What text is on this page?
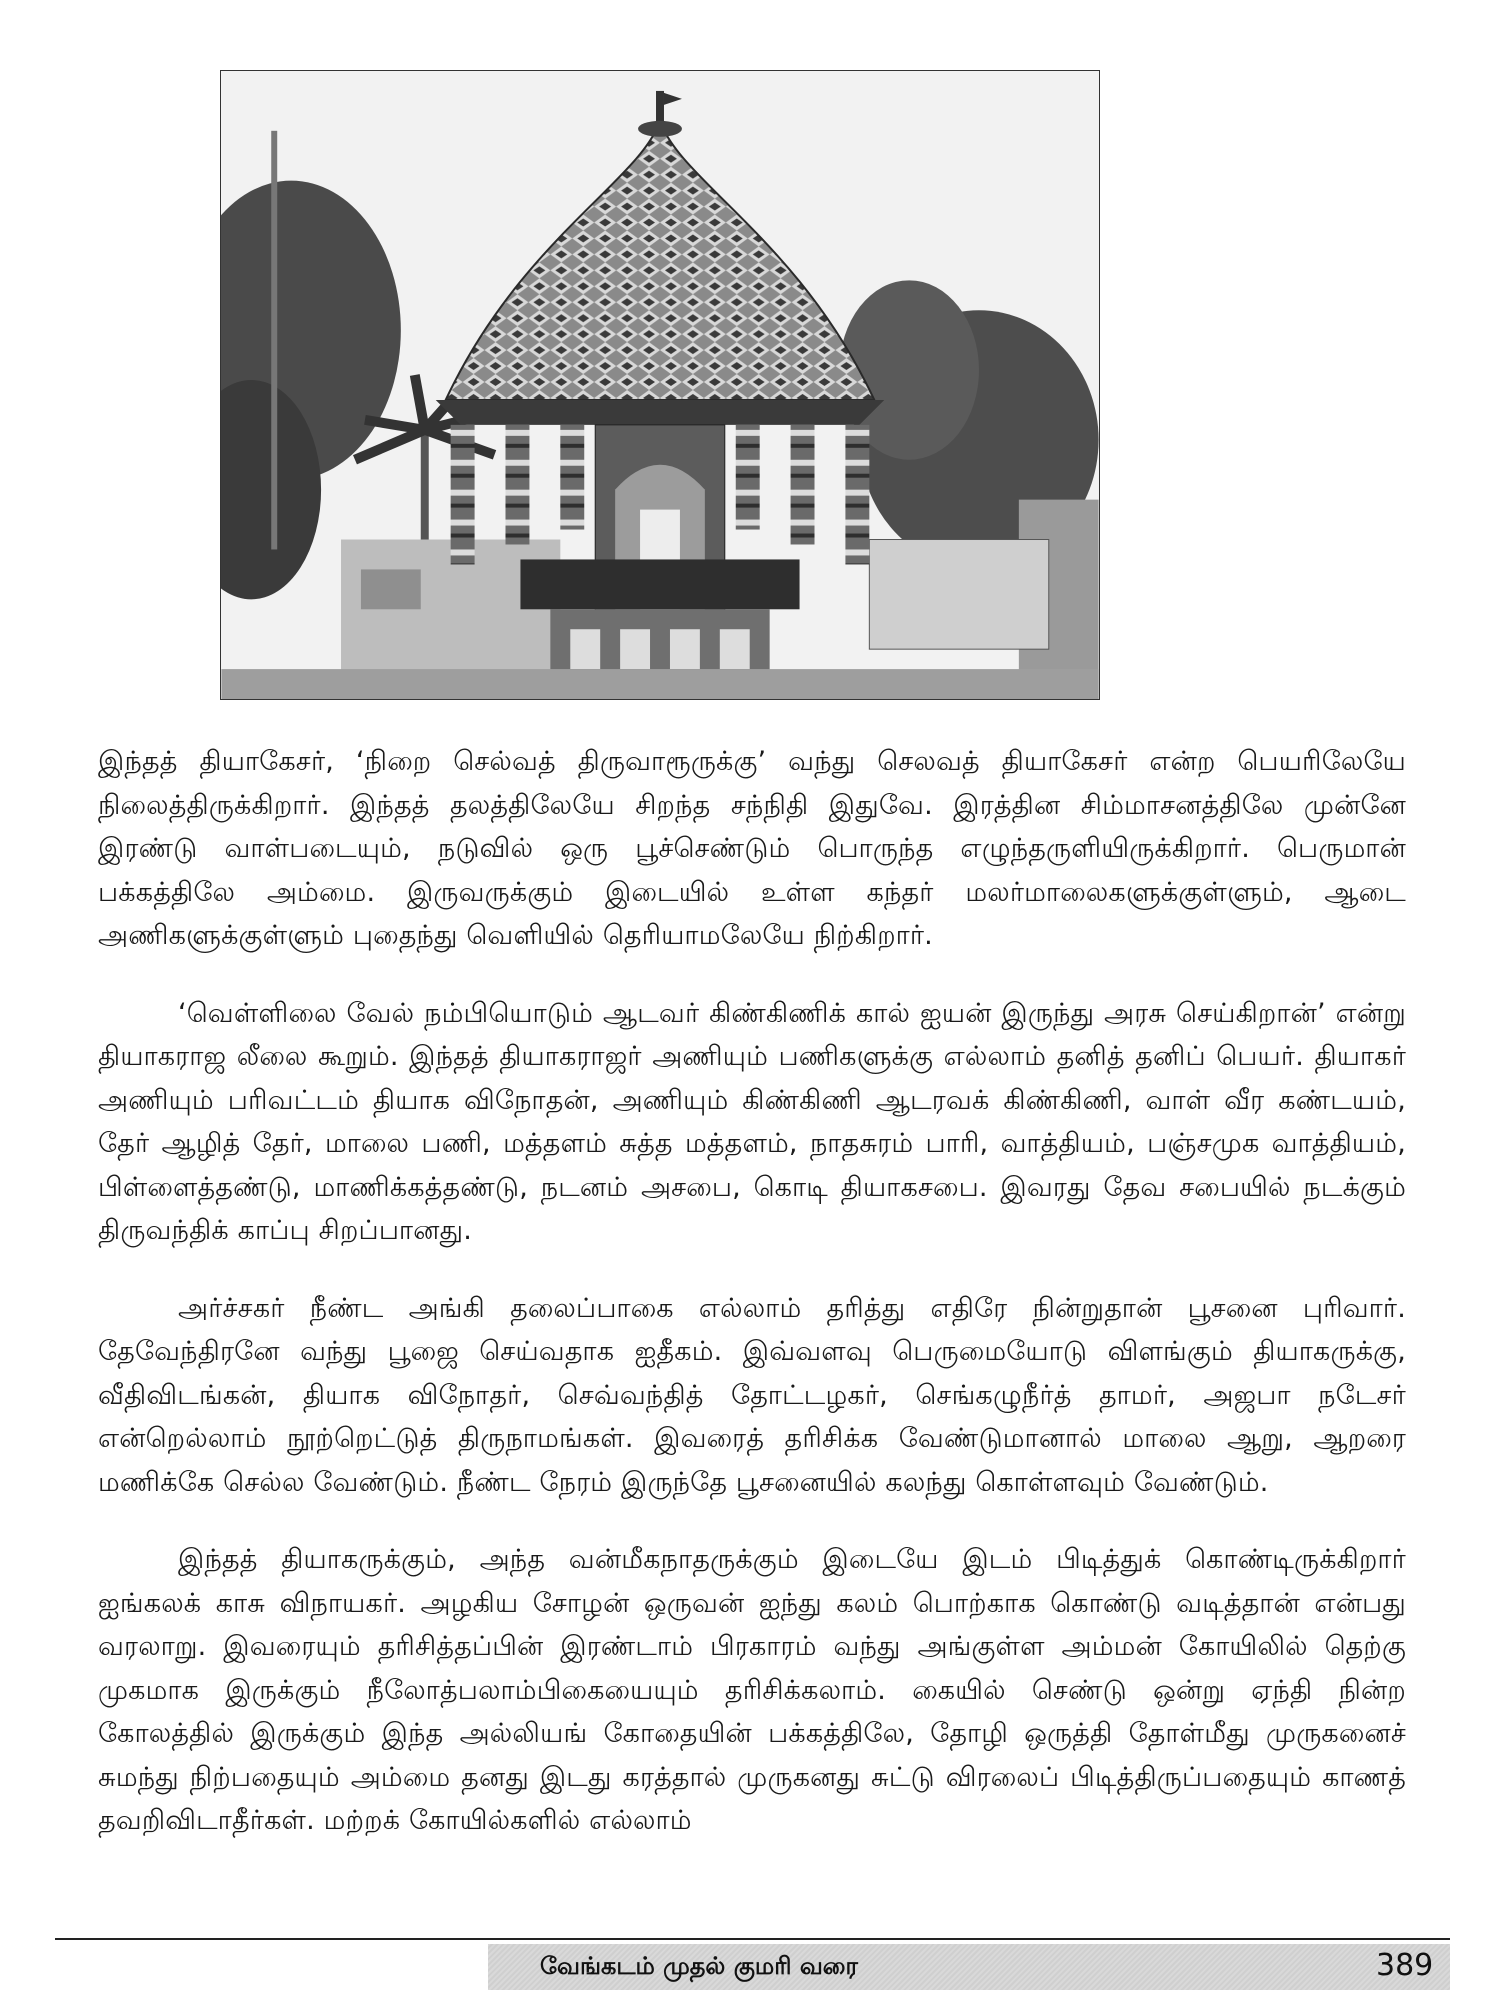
இந்தத் தியாகேசர், ‘நிறை செல்வத் திருவாரூருக்கு’ வந்து செலவத் தியாகேசர் என்ற பெயரிலேயே நிலைத்திருக்கிறார். இந்தத் தலத்திலேயே சிறந்த சந்நிதி இதுவே. இரத்தின சிம்மாசனத்திலே முன்னே இரண்டு வாள்படையும், நடுவில் ஒரு பூச்செண்டும் பொருந்த எழுந்தருளியிருக்கிறார். பெருமான் பக்கத்திலே அம்மை. இருவருக்கும் இடையில் உள்ள கந்தர் மலர்மாலைகளுக்குள்ளும், ஆடை அணிகளுக்குள்ளும் புதைந்து வெளியில் தெரியாமலேயே நிற்கிறார்.

‘வெள்ளிலை வேல் நம்பியொடும் ஆடவர் கிண்கிணிக் கால் ஐயன் இருந்து அரசு செய்கிறான்’ என்று தியாகராஜ லீலை கூறும். இந்தத் தியாகராஜர் அணியும் பணிகளுக்கு எல்லாம் தனித் தனிப் பெயர். தியாகர் அணியும் பரிவட்டம் தியாக விநோதன், அணியும் கிண்கிணி ஆடரவக் கிண்கிணி, வாள் வீர கண்டயம், தேர் ஆழித் தேர், மாலை பணி, மத்தளம் சுத்த மத்தளம், நாதசுரம் பாரி, வாத்தியம், பஞ்சமுக வாத்தியம், பிள்ளைத்தண்டு, மாணிக்கத்தண்டு, நடனம் அசபை, கொடி தியாகசபை. இவரது தேவ சபையில் நடக்கும் திருவந்திக் காப்பு சிறப்பானது.

அர்ச்சகர் நீண்ட அங்கி தலைப்பாகை எல்லாம் தரித்து எதிரே நின்றுதான் பூசனை புரிவார். தேவேந்திரனே வந்து பூஜை செய்வதாக ஐதீகம். இவ்வளவு பெருமையோடு விளங்கும் தியாகருக்கு, வீதிவிடங்கன், தியாக விநோதர், செவ்வந்தித் தோட்டழகர், செங்கழுநீர்த் தாமர், அஜபா நடேசர் என்றெல்லாம் நூற்றெட்டுத் திருநாமங்கள். இவரைத் தரிசிக்க வேண்டுமானால் மாலை ஆறு, ஆறரை மணிக்கே செல்ல வேண்டும். நீண்ட நேரம் இருந்தே பூசனையில் கலந்து கொள்ளவும் வேண்டும்.

இந்தத் தியாகருக்கும், அந்த வன்மீகநாதருக்கும் இடையே இடம் பிடித்துக் கொண்டிருக்கிறார் ஐங்கலக் காசு விநாயகர். அழகிய சோழன் ஒருவன் ஐந்து கலம் பொற்காக கொண்டு வடித்தான் என்பது வரலாறு. இவரையும் தரிசித்தப்பின் இரண்டாம் பிரகாரம் வந்து அங்குள்ள அம்மன் கோயிலில் தெற்கு முகமாக இருக்கும் நீலோத்பலாம்பிகையையும் தரிசிக்கலாம். கையில் செண்டு ஒன்று ஏந்தி நின்ற கோலத்தில் இருக்கும் இந்த அல்லியங் கோதையின் பக்கத்திலே, தோழி ஒருத்தி தோள்மீது முருகனைச் சுமந்து நிற்பதையும் அம்மை தனது இடது கரத்தால் முருகனது சுட்டு விரலைப் பிடித்திருப்பதையும் காணத் தவறிவிடாதீர்கள். மற்றக் கோயில்களில் எல்லாம்

வேங்கடம் முதல் குமரி வரை	389
